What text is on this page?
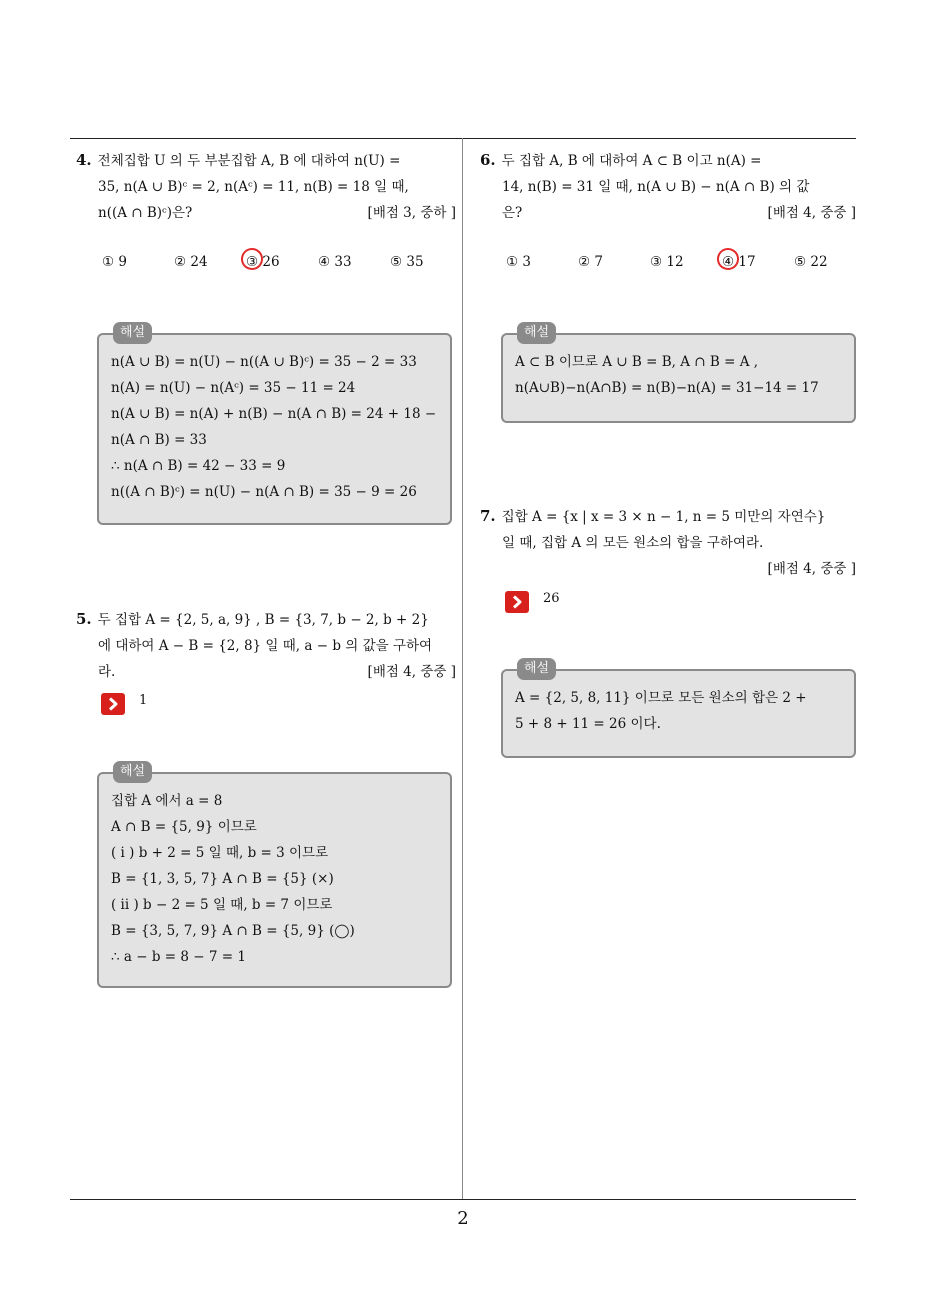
2
4. 전체집합 U 의 두 부분집합 A, B 에 대하여 n(U) =
35, n(A ∪ B)ᶜ = 2, n(Aᶜ) = 11, n(B) = 18 일 때,
n((A ∩ B)ᶜ)은?	[배점 3, 중하 ]
① 9	② 24	③ 26	④ 33	⑤ 35
해설
n(A ∪ B) = n(U) − n((A ∪ B)ᶜ) = 35 − 2 = 33
n(A) = n(U) − n(Aᶜ) = 35 − 11 = 24
n(A ∪ B) = n(A) + n(B) − n(A ∩ B) = 24 + 18 −
n(A ∩ B) = 33
∴ n(A ∩ B) = 42 − 33 = 9
n((A ∩ B)ᶜ) = n(U) − n(A ∩ B) = 35 − 9 = 26
5. 두 집합 A = {2, 5, a, 9} , B = {3, 7, b − 2, b + 2}
에 대하여 A − B = {2, 8} 일 때, a − b 의 값을 구하여
라.	[배점 4, 중중 ]
1
해설
집합 A 에서 a = 8
A ∩ B = {5, 9} 이므로
( i ) b + 2 = 5 일 때, b = 3 이므로
B = {1, 3, 5, 7} A ∩ B = {5} (×)
( ii ) b − 2 = 5 일 때, b = 7 이므로
B = {3, 5, 7, 9} A ∩ B = {5, 9} (◯)
∴ a − b = 8 − 7 = 1
6. 두 집합 A, B 에 대하여 A ⊂ B 이고 n(A) =
14, n(B) = 31 일 때, n(A ∪ B) − n(A ∩ B) 의 값
은?	[배점 4, 중중 ]
① 3	② 7	③ 12	④ 17	⑤ 22
해설
A ⊂ B 이므로 A ∪ B = B, A ∩ B = A ,
n(A∪B)−n(A∩B) = n(B)−n(A) = 31−14 = 17
7. 집합 A = {x | x = 3 × n − 1, n = 5 미만의 자연수}
일 때, 집합 A 의 모든 원소의 합을 구하여라.
[배점 4, 중중 ]
26
해설
A = {2, 5, 8, 11} 이므로 모든 원소의 합은 2 +
5 + 8 + 11 = 26 이다.
